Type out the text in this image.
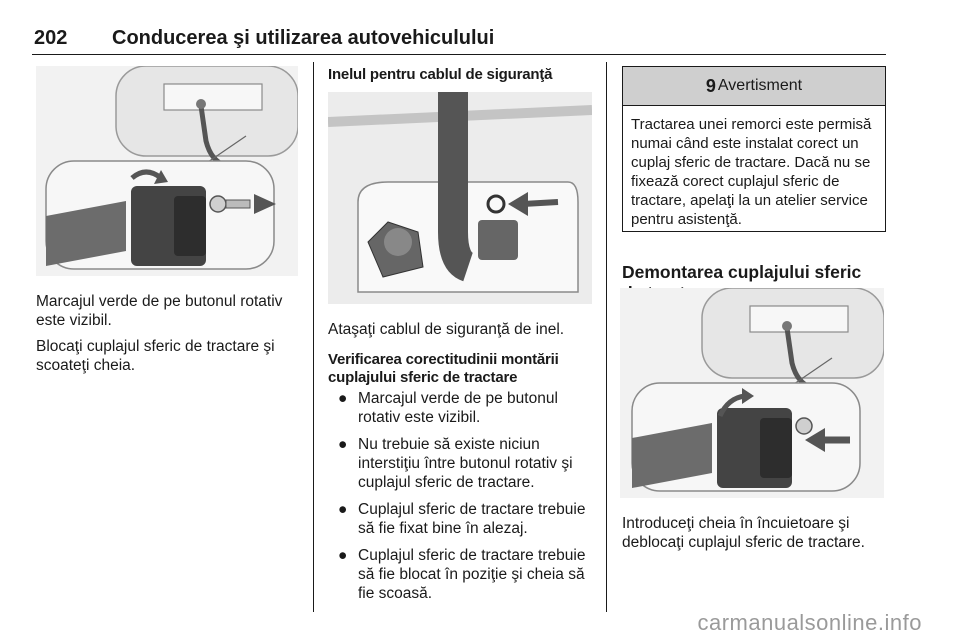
202 Conducerea şi utilizarea autovehiculului

Marcajul verde de pe butonul rotativ este vizibil.

Blocaţi cuplajul sferic de tractare şi scoateţi cheia.

Inelul pentru cablul de siguranţă
Ataşaţi cablul de siguranţă de inel.
Verificarea corectitudinii montării cuplajului sferic de tractare
● Marcajul verde de pe butonul rotativ este vizibil.
● Nu trebuie să existe niciun interstiţiu între butonul rotativ şi cuplajul sferic de tractare.
● Cuplajul sferic de tractare trebuie să fie fixat bine în alezaj.
● Cuplajul sferic de tractare trebuie să fie blocat în poziţie şi cheia să fie scoasă.
9 Avertisment
Tractarea unei remorci este permisă numai când este instalat corect un cuplaj sferic de tractare. Dacă nu se fixează corect cuplajul sferic de tractare, apelaţi la un atelier service pentru asistenţă.
Demontarea cuplajului sferic
Introduceţi cheia în încuietoare şi deblocaţi cuplajul sferic de tractare.
carmanualsonline.info
